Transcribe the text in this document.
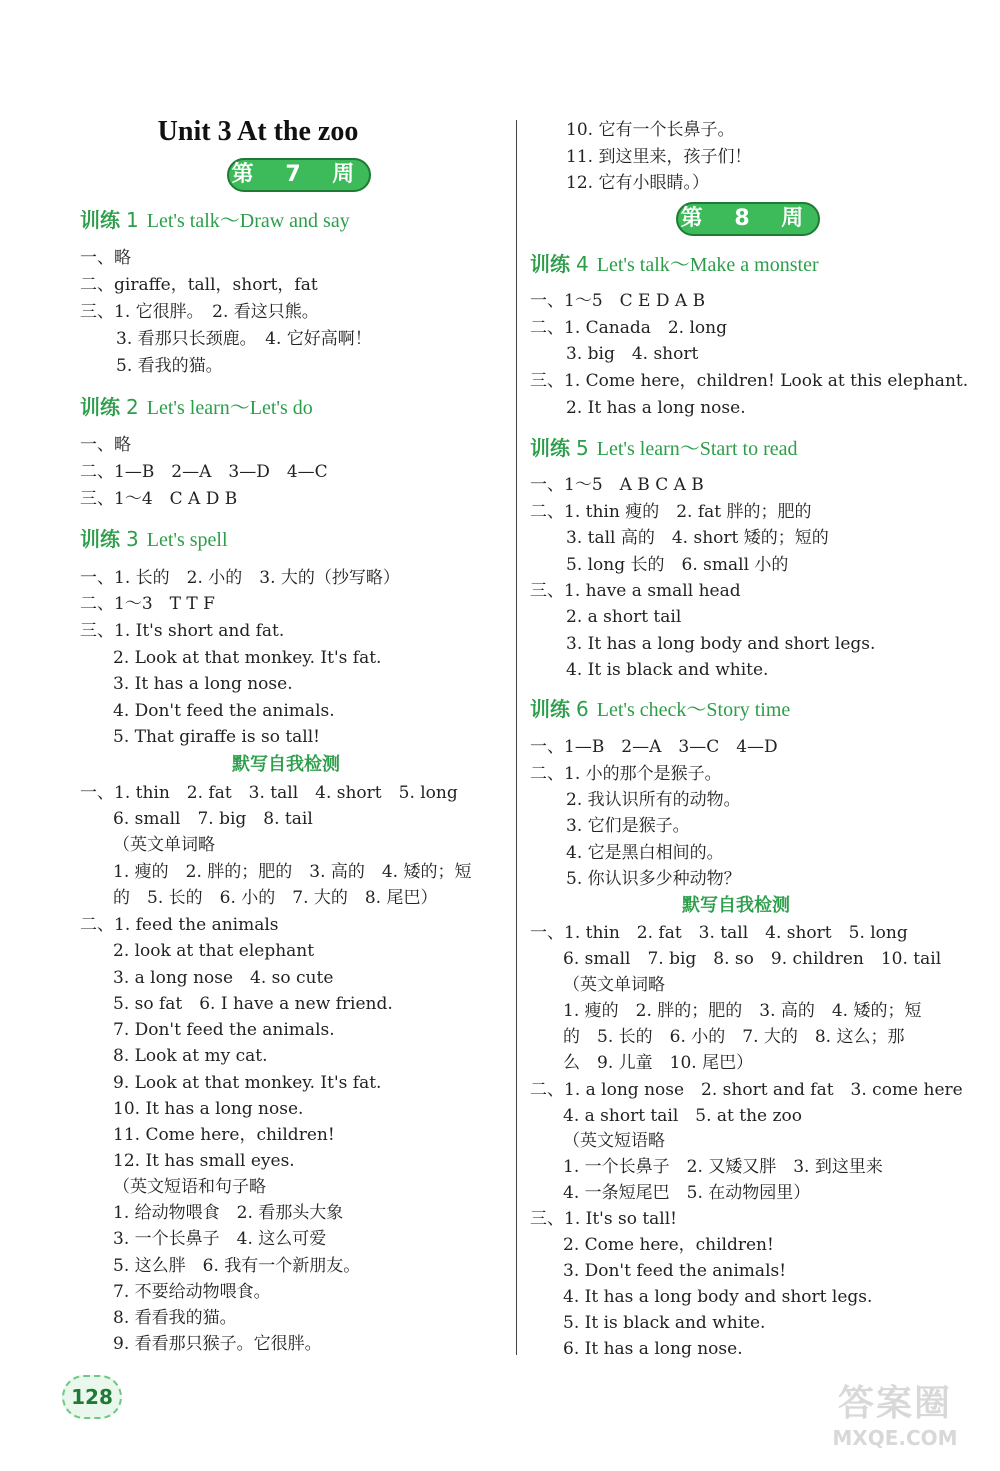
Unit 3 At the zoo
第 7 周
训练 1 Let's talk～Draw and say
一、略
二、giraffe，tall，short，fat
三、1. 它很胖。　2. 看这只熊。
3. 看那只长颈鹿。　4. 它好高啊！
5. 看我的猫。
训练 2 Let's learn～Let's do
一、略
二、1—B　2—A　3—D　4—C
三、1～4　C A D B
训练 3 Let's spell
一、1. 长的　2. 小的　3. 大的（抄写略）
二、1～3　T T F
三、1. It's short and fat.
2. Look at that monkey. It's fat.
3. It has a long nose.
4. Don't feed the animals.
5. That giraffe is so tall!
默写自我检测
一、1. thin　2. fat　3. tall　4. short　5. long
6. small　7. big　8. tail
（英文单词略
1. 瘦的　2. 胖的；肥的　3. 高的　4. 矮的；短
的　5. 长的　6. 小的　7. 大的　8. 尾巴）
二、1. feed the animals
2. look at that elephant
3. a long nose　4. so cute
5. so fat　6. I have a new friend.
7. Don't feed the animals.
8. Look at my cat.
9. Look at that monkey. It's fat.
10. It has a long nose.
11. Come here，children!
12. It has small eyes.
（英文短语和句子略
1. 给动物喂食　2. 看那头大象
3. 一个长鼻子　4. 这么可爱
5. 这么胖　6. 我有一个新朋友。
7. 不要给动物喂食。
8. 看看我的猫。
9. 看看那只猴子。它很胖。
10. 它有一个长鼻子。
11. 到这里来，孩子们！
12. 它有小眼睛。）
第 8 周
训练 4 Let's talk～Make a monster
一、1～5　C E D A B
二、1. Canada　2. long
3. big　4. short
三、1. Come here，children! Look at this elephant.
2. It has a long nose.
训练 5 Let's learn～Start to read
一、1～5　A B C A B
二、1. thin 瘦的　2. fat 胖的；肥的
3. tall 高的　4. short 矮的；短的
5. long 长的　6. small 小的
三、1. have a small head
2. a short tail
3. It has a long body and short legs.
4. It is black and white.
训练 6 Let's check～Story time
一、1—B　2—A　3—C　4—D
二、1. 小的那个是猴子。
2. 我认识所有的动物。
3. 它们是猴子。
4. 它是黑白相间的。
5. 你认识多少种动物？
默写自我检测
一、1. thin　2. fat　3. tall　4. short　5. long
6. small　7. big　8. so　9. children　10. tail
（英文单词略
1. 瘦的　2. 胖的；肥的　3. 高的　4. 矮的；短
的　5. 长的　6. 小的　7. 大的　8. 这么；那
么　9. 儿童　10. 尾巴）
二、1. a long nose　2. short and fat　3. come here
4. a short tail　5. at the zoo
（英文短语略
1. 一个长鼻子　2. 又矮又胖　3. 到这里来
4. 一条短尾巴　5. 在动物园里）
三、1. It's so tall!
2. Come here，children!
3. Don't feed the animals!
4. It has a long body and short legs.
5. It is black and white.
6. It has a long nose.
128	答案圈
MXQE.COM
